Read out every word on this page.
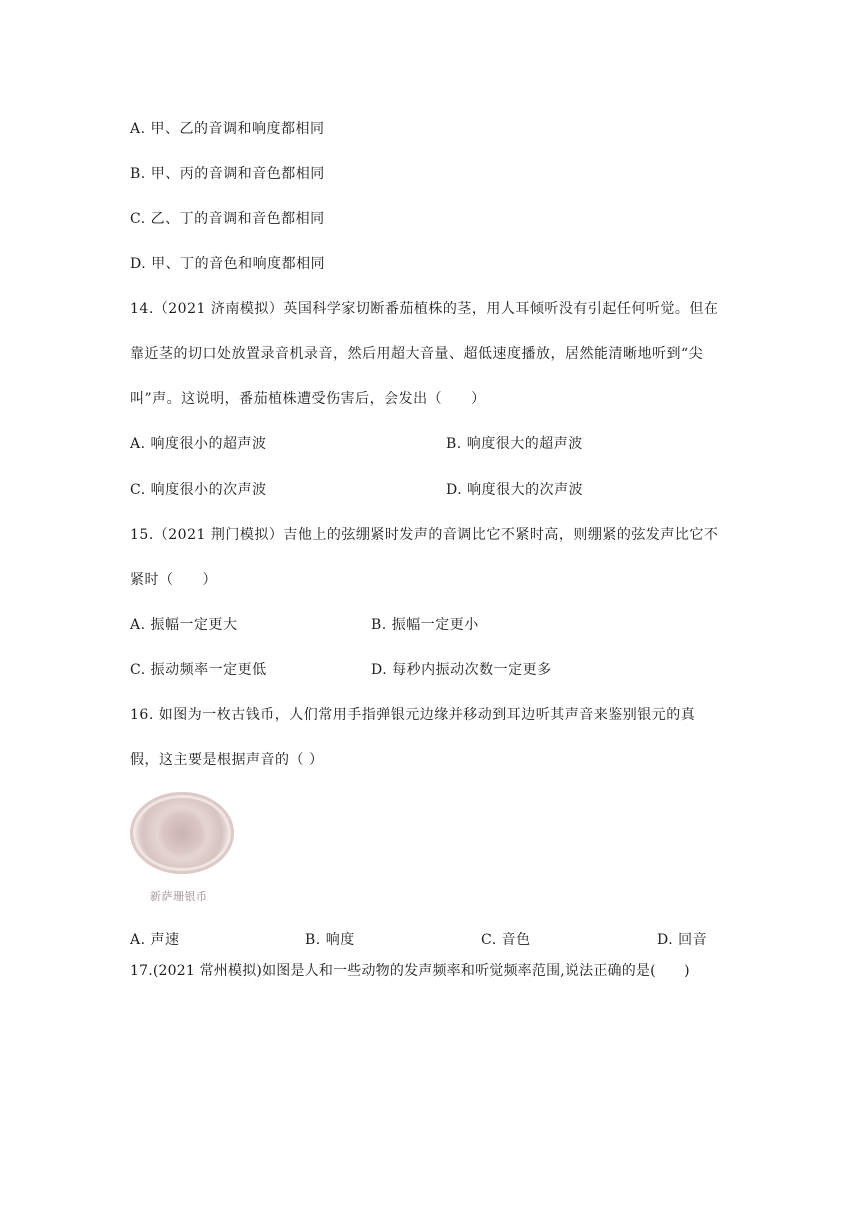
A. 甲、乙的音调和响度都相同
B. 甲、丙的音调和音色都相同
C. 乙、丁的音调和音色都相同
D. 甲、丁的音色和响度都相同
14.（2021 济南模拟）英国科学家切断番茄植株的茎，用人耳倾听没有引起任何听觉。但在
靠近茎的切口处放置录音机录音，然后用超大音量、超低速度播放，居然能清晰地听到“尖
叫”声。这说明，番茄植株遭受伤害后，会发出（　　）
A. 响度很小的超声波	B. 响度很大的超声波
C. 响度很小的次声波	D. 响度很大的次声波
15.（2021 荆门模拟）吉他上的弦绷紧时发声的音调比它不紧时高，则绷紧的弦发声比它不
紧时（　　）
A. 振幅一定更大	B. 振幅一定更小
C. 振动频率一定更低	D. 每秒内振动次数一定更多
16. 如图为一枚古钱币，人们常用手指弹银元边缘并移动到耳边听其声音来鉴别银元的真
假，这主要是根据声音的（ ）
新萨珊银币
A. 声速	B. 响度	C. 音色	D. 回音
17.(2021 常州模拟)如图是人和一些动物的发声频率和听觉频率范围,说法正确的是(　　)
